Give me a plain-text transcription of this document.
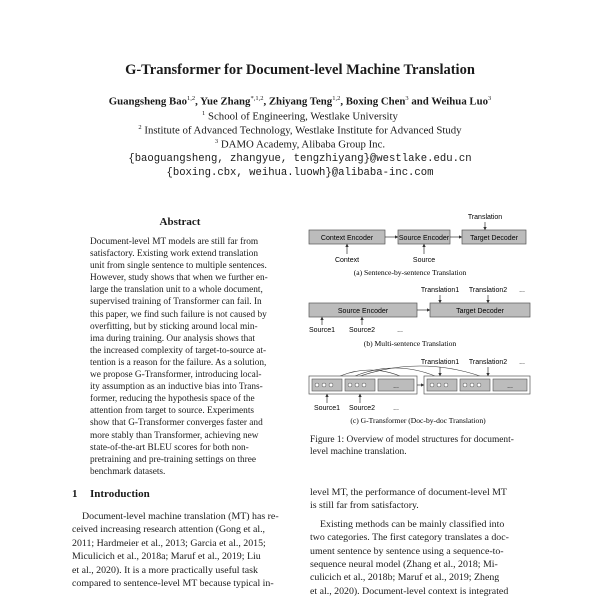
G-Transformer for Document-level Machine Translation
Guangsheng Bao$^{1,2}$, Yue Zhang$^{*,1,2}$, Zhiyang Teng$^{1,2}$, Boxing Chen$^3$ and Weihua Luo$^3$
$^1$ School of Engineering, Westlake University
$^2$ Institute of Advanced Technology, Westlake Institute for Advanced Study
$^3$ DAMO Academy, Alibaba Group Inc.
{baoguangsheng, zhangyue, tengzhiyang}@westlake.edu.cn
{boxing.cbx, weihua.luowh}@alibaba-inc.com
Abstract
Document-level MT models are still far from
satisfactory. Existing work extend translation
unit from single sentence to multiple sentences.
However, study shows that when we further en-
large the translation unit to a whole document,
supervised training of Transformer can fail. In
this paper, we find such failure is not caused by
overfitting, but by sticking around local min-
ima during training. Our analysis shows that
the increased complexity of target-to-source at-
tention is a reason for the failure. As a solution,
we propose G-Transformer, introducing local-
ity assumption as an inductive bias into Trans-
former, reducing the hypothesis space of the
attention from target to source. Experiments
show that G-Transformer converges faster and
more stably than Transformer, achieving new
state-of-the-art BLEU scores for both non-
pretraining and pre-training settings on three
benchmark datasets.
Translation
Context Encoder	Source Encoder	Target Decoder
Context	Source
(a) Sentence-by-sentence Translation
Translation1 Translation2 ...
Source Encoder	Target Decoder
Source1 Source2	...
(b) Multi-sentence Translation
Translation1 Translation2 ...
...	...
Source1 Source2	...
(c) G-Transformer (Doc-by-doc Translation)
Figure 1: Overview of model structures for document-
level machine translation.
1 Introduction

Document-level machine translation (MT) has re-

ceived increasing research attention (Gong et al.,
2011; Hardmeier et al., 2013; Garcia et al., 2015;
Miculicich et al., 2018a; Maruf et al., 2019; Liu
et al., 2020). It is a more practically useful task
compared to sentence-level MT because typical in-
level MT, the performance of document-level MT
is still far from satisfactory.

Existing methods can be mainly classified into

two categories. The first category translates a doc-
ument sentence by sentence using a sequence-to-
sequence neural model (Zhang et al., 2018; Mi-
culicich et al., 2018b; Maruf et al., 2019; Zheng
et al., 2020). Document-level context is integrated
